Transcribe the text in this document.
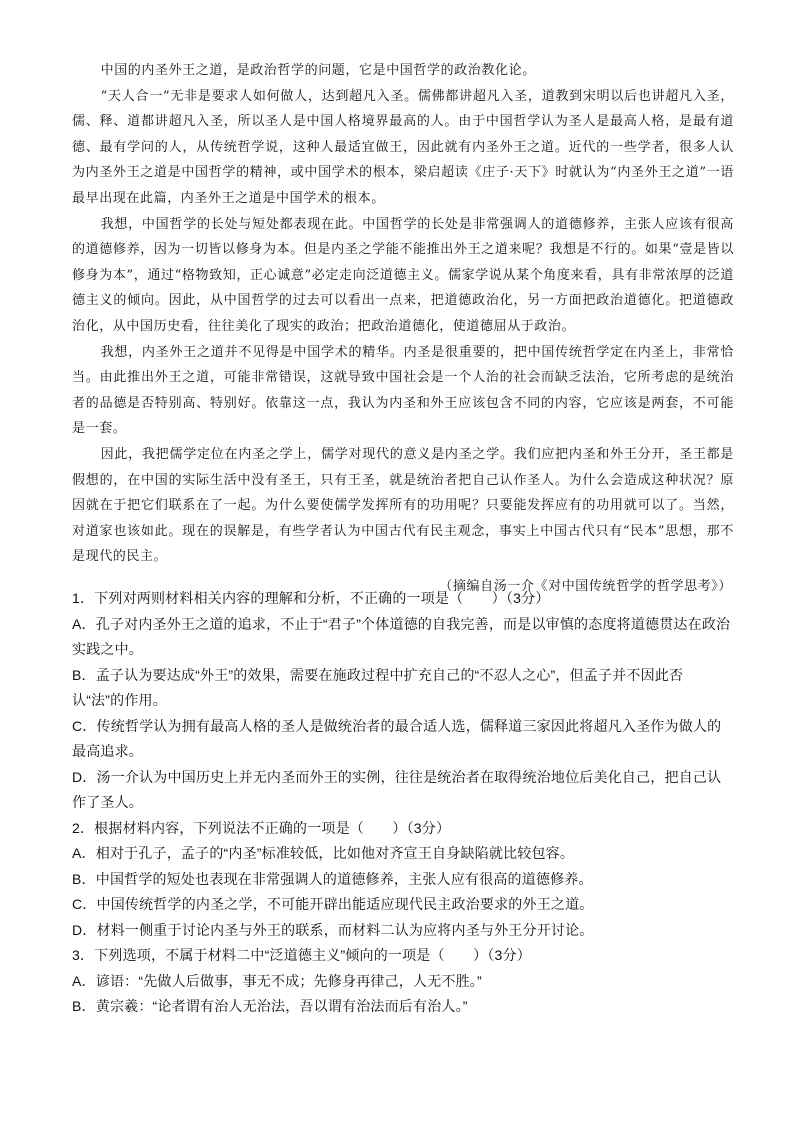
中国的内圣外王之道，是政治哲学的问题，它是中国哲学的政治教化论。

“天人合一”无非是要求人如何做人，达到超凡入圣。儒佛都讲超凡入圣，道教到宋明以后也讲超凡入圣，儒、释、道都讲超凡入圣，所以圣人是中国人格境界最高的人。由于中国哲学认为圣人是最高人格，是最有道德、最有学问的人，从传统哲学说，这种人最适宜做王，因此就有内圣外王之道。近代的一些学者，很多人认为内圣外王之道是中国哲学的精神，或中国学术的根本，梁启超读《庄子·天下》时就认为“内圣外王之道”一语最早出现在此篇，内圣外王之道是中国学术的根本。

我想，中国哲学的长处与短处都表现在此。中国哲学的长处是非常强调人的道德修养，主张人应该有很高的道德修养，因为一切皆以修身为本。但是内圣之学能不能推出外王之道来呢？我想是不行的。如果“壹是皆以修身为本”，通过“格物致知，正心诚意”必定走向泛道德主义。儒家学说从某个角度来看，具有非常浓厚的泛道德主义的倾向。因此，从中国哲学的过去可以看出一点来，把道德政治化，另一方面把政治道德化。把道德政治化，从中国历史看，往往美化了现实的政治；把政治道德化，使道德屈从于政治。

我想，内圣外王之道并不见得是中国学术的精华。内圣是很重要的，把中国传统哲学定在内圣上，非常恰当。由此推出外王之道，可能非常错误，这就导致中国社会是一个人治的社会而缺乏法治，它所考虑的是统治者的品德是否特别高、特别好。依靠这一点，我认为内圣和外王应该包含不同的内容，它应该是两套，不可能是一套。

因此，我把儒学定位在内圣之学上，儒学对现代的意义是内圣之学。我们应把内圣和外王分开，圣王都是假想的，在中国的实际生活中没有圣王，只有王圣，就是统治者把自己认作圣人。为什么会造成这种状况？原因就在于把它们联系在了一起。为什么要使儒学发挥所有的功用呢？只要能发挥应有的功用就可以了。当然，对道家也该如此。现在的误解是，有些学者认为中国古代有民主观念，事实上中国古代只有“民本”思想，那不是现代的民主。

（摘编自汤一介《对中国传统哲学的哲学思考》）

1．下列对两则材料相关内容的理解和分析，不正确的一项是（　　）（3分）

A．孔子对内圣外王之道的追求，不止于“君子”个体道德的自我完善，而是以审慎的态度将道德贯达在政治实践之中。

B．孟子认为要达成“外王”的效果，需要在施政过程中扩充自己的“不忍人之心”，但孟子并不因此否认“法”的作用。

C．传统哲学认为拥有最高人格的圣人是做统治者的最合适人选，儒释道三家因此将超凡入圣作为做人的最高追求。

D．汤一介认为中国历史上并无内圣而外王的实例，往往是统治者在取得统治地位后美化自己，把自己认作了圣人。

2．根据材料内容，下列说法不正确的一项是（　　）（3分）

A．相对于孔子，孟子的“内圣”标准较低，比如他对齐宣王自身缺陷就比较包容。

B．中国哲学的短处也表现在非常强调人的道德修养，主张人应有很高的道德修养。

C．中国传统哲学的内圣之学，不可能开辟出能适应现代民主政治要求的外王之道。

D．材料一侧重于讨论内圣与外王的联系，而材料二认为应将内圣与外王分开讨论。

3．下列选项，不属于材料二中“泛道德主义”倾向的一项是（　　）（3分）

A．谚语：“先做人后做事，事无不成；先修身再律己，人无不胜。”

B．黄宗羲：“论者谓有治人无治法，吾以谓有治法而后有治人。”
